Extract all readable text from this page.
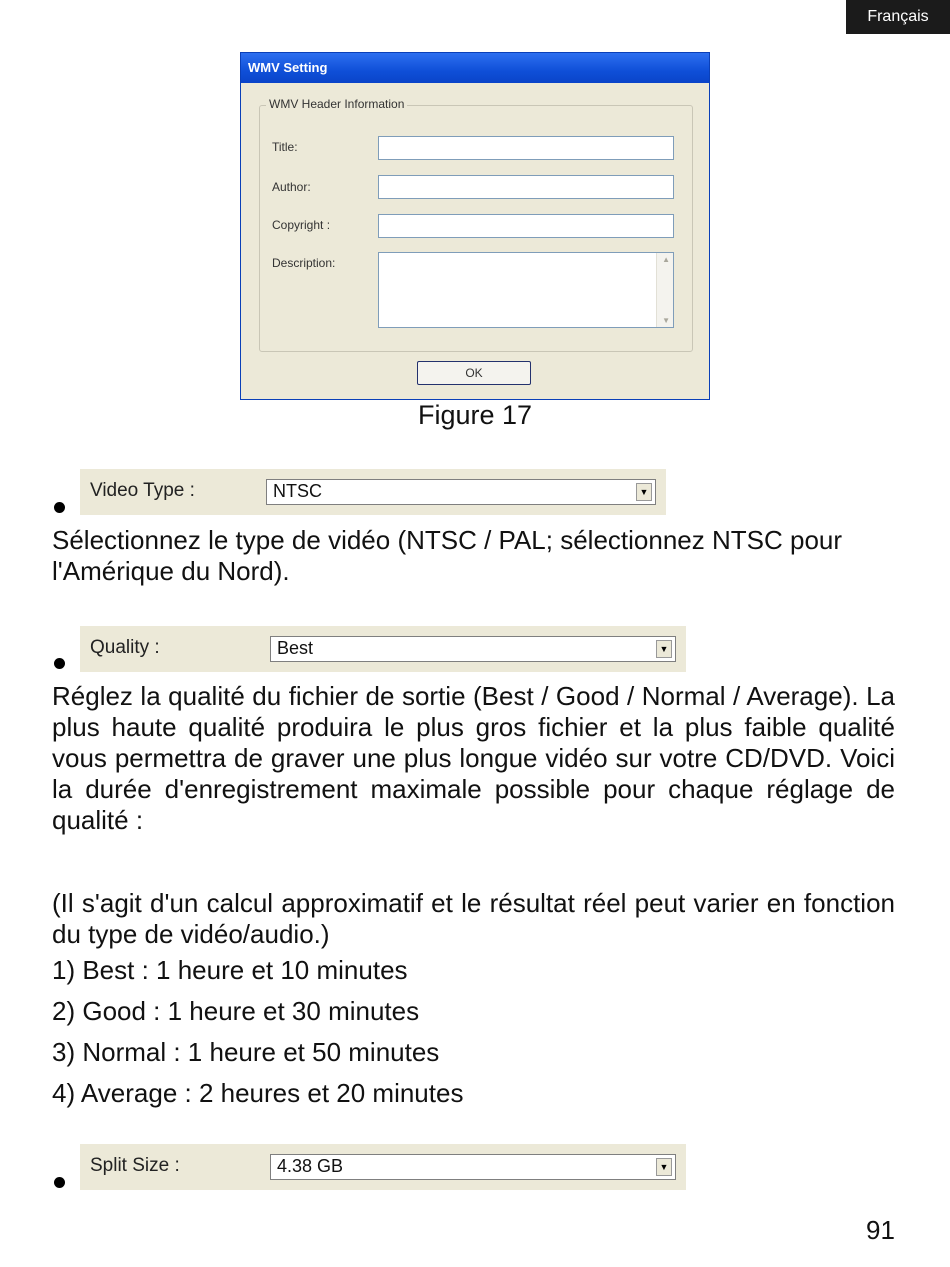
Français
WMV Setting
WMV Header Information
Title:
Author:
Copyright :
Description:	▲
▼
OK
Figure 17
Video Type :	NTSC	▼

Sélectionnez le type de vidéo (NTSC / PAL; sélectionnez NTSC pour l'Amérique du Nord).

Quality :	Best	▼

Réglez la qualité du fichier de sortie (Best / Good / Normal / Average). La plus haute qualité produira le plus gros fichier et la plus faible qualité vous permettra de graver une plus longue vidéo sur votre CD/DVD. Voici la durée d'enregistrement maximale possible pour chaque réglage de qualité :

(Il s'agit d'un calcul approximatif et le résultat réel peut varier en fonction du type de vidéo/audio.)

1) Best : 1 heure et 10 minutes

2) Good : 1 heure et 30 minutes

3) Normal : 1 heure et 50 minutes

4) Average : 2 heures et 20 minutes

Split Size :	4.38 GB	▼
91
